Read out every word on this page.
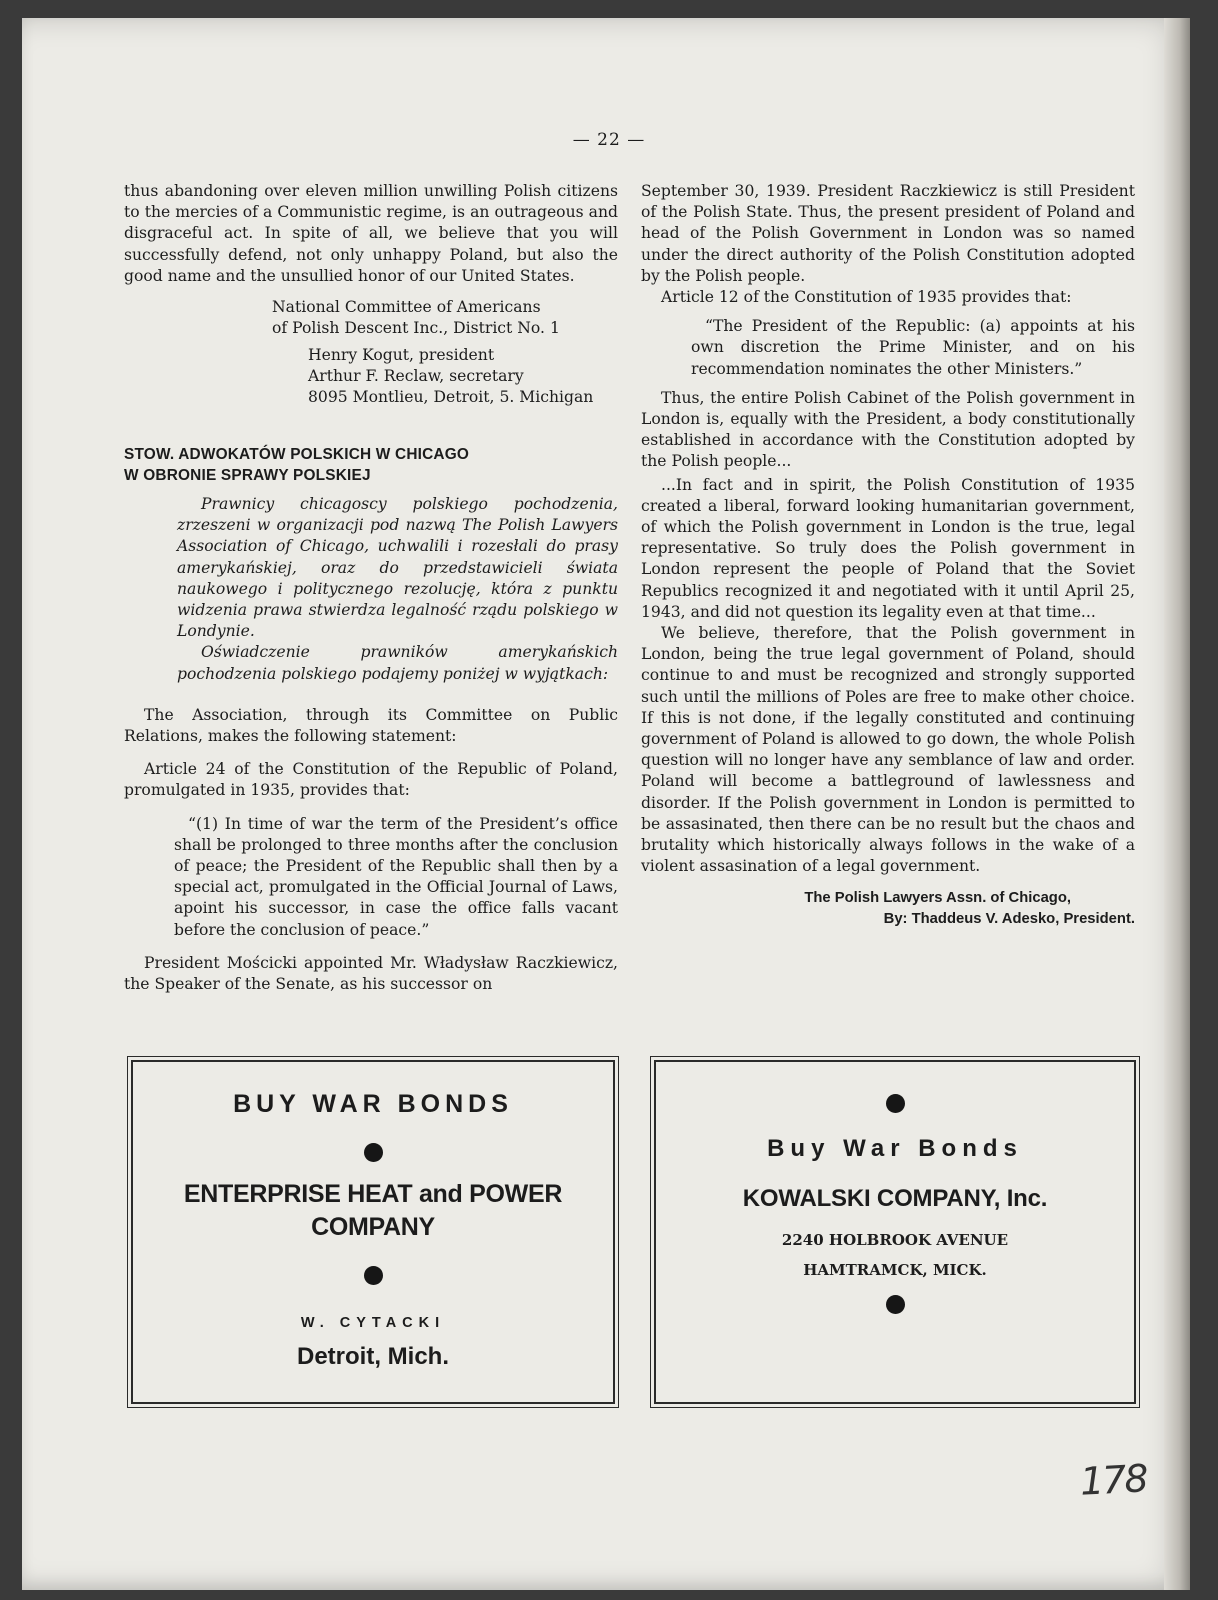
— 22 —

thus abandoning over eleven million unwilling Polish citizens to the mercies of a Communistic regime, is an outrageous and disgraceful act. In spite of all, we believe that you will successfully defend, not only unhappy Poland, but also the good name and the unsullied honor of our United States.

National Committee of Americans
of Polish Descent Inc., District No. 1
Henry Kogut, president
Arthur F. Reclaw, secretary
8095 Montlieu, Detroit, 5. Michigan
STOW. ADWOKATÓW POLSKICH W CHICAGO
W OBRONIE SPRAWY POLSKIEJ

Prawnicy chicagoscy polskiego pochodzenia, zrzeszeni w organizacji pod nazwą The Polish Lawyers Association of Chicago, uchwalili i rozesłali do prasy amerykańskiej, oraz do przedstawicieli świata naukowego i politycznego rezolucję, która z punktu widzenia prawa stwierdza legalność rządu polskiego w Londynie.

Oświadczenie prawników amerykańskich pochodzenia polskiego podajemy poniżej w wyjątkach:

The Association, through its Committee on Public Relations, makes the following statement:

Article 24 of the Constitution of the Republic of Poland, promulgated in 1935, provides that:

“(1) In time of war the term of the President’s office shall be prolonged to three months after the conclusion of peace; the President of the Republic shall then by a special act, promulgated in the Official Journal of Laws, apoint his successor, in case the office falls vacant before the conclusion of peace.”

President Mościcki appointed Mr. Władysław Raczkiewicz, the Speaker of the Senate, as his successor on

September 30, 1939. President Raczkiewicz is still President of the Polish State. Thus, the present president of Poland and head of the Polish Government in London was so named under the direct authority of the Polish Constitution adopted by the Polish people.

Article 12 of the Constitution of 1935 provides that:

“The President of the Republic: (a) appoints at his own discretion the Prime Minister, and on his recommendation nominates the other Ministers.”

Thus, the entire Polish Cabinet of the Polish government in London is, equally with the President, a body constitutionally established in accordance with the Constitution adopted by the Polish people...

...In fact and in spirit, the Polish Constitution of 1935 created a liberal, forward looking humanitarian government, of which the Polish government in London is the true, legal representative. So truly does the Polish government in London represent the people of Poland that the Soviet Republics recognized it and negotiated with it until April 25, 1943, and did not question its legality even at that time...

We believe, therefore, that the Polish government in London, being the true legal government of Poland, should continue to and must be recognized and strongly supported such until the millions of Poles are free to make other choice. If this is not done, if the legally constituted and continuing government of Poland is allowed to go down, the whole Polish question will no longer have any semblance of law and order. Poland will become a battleground of lawlessness and disorder. If the Polish government in London is permitted to be assasinated, then there can be no result but the chaos and brutality which historically always follows in the wake of a violent assasination of a legal government.

The Polish Lawyers Assn. of Chicago,
By: Thaddeus V. Adesko, President.
BUY WAR BONDS
ENTERPRISE HEAT and POWER
COMPANY
W. CYTACKI
Detroit, Mich.
Buy War Bonds
KOWALSKI COMPANY, Inc.
2240 HOLBROOK AVENUE
HAMTRAMCK, MICK.
178
